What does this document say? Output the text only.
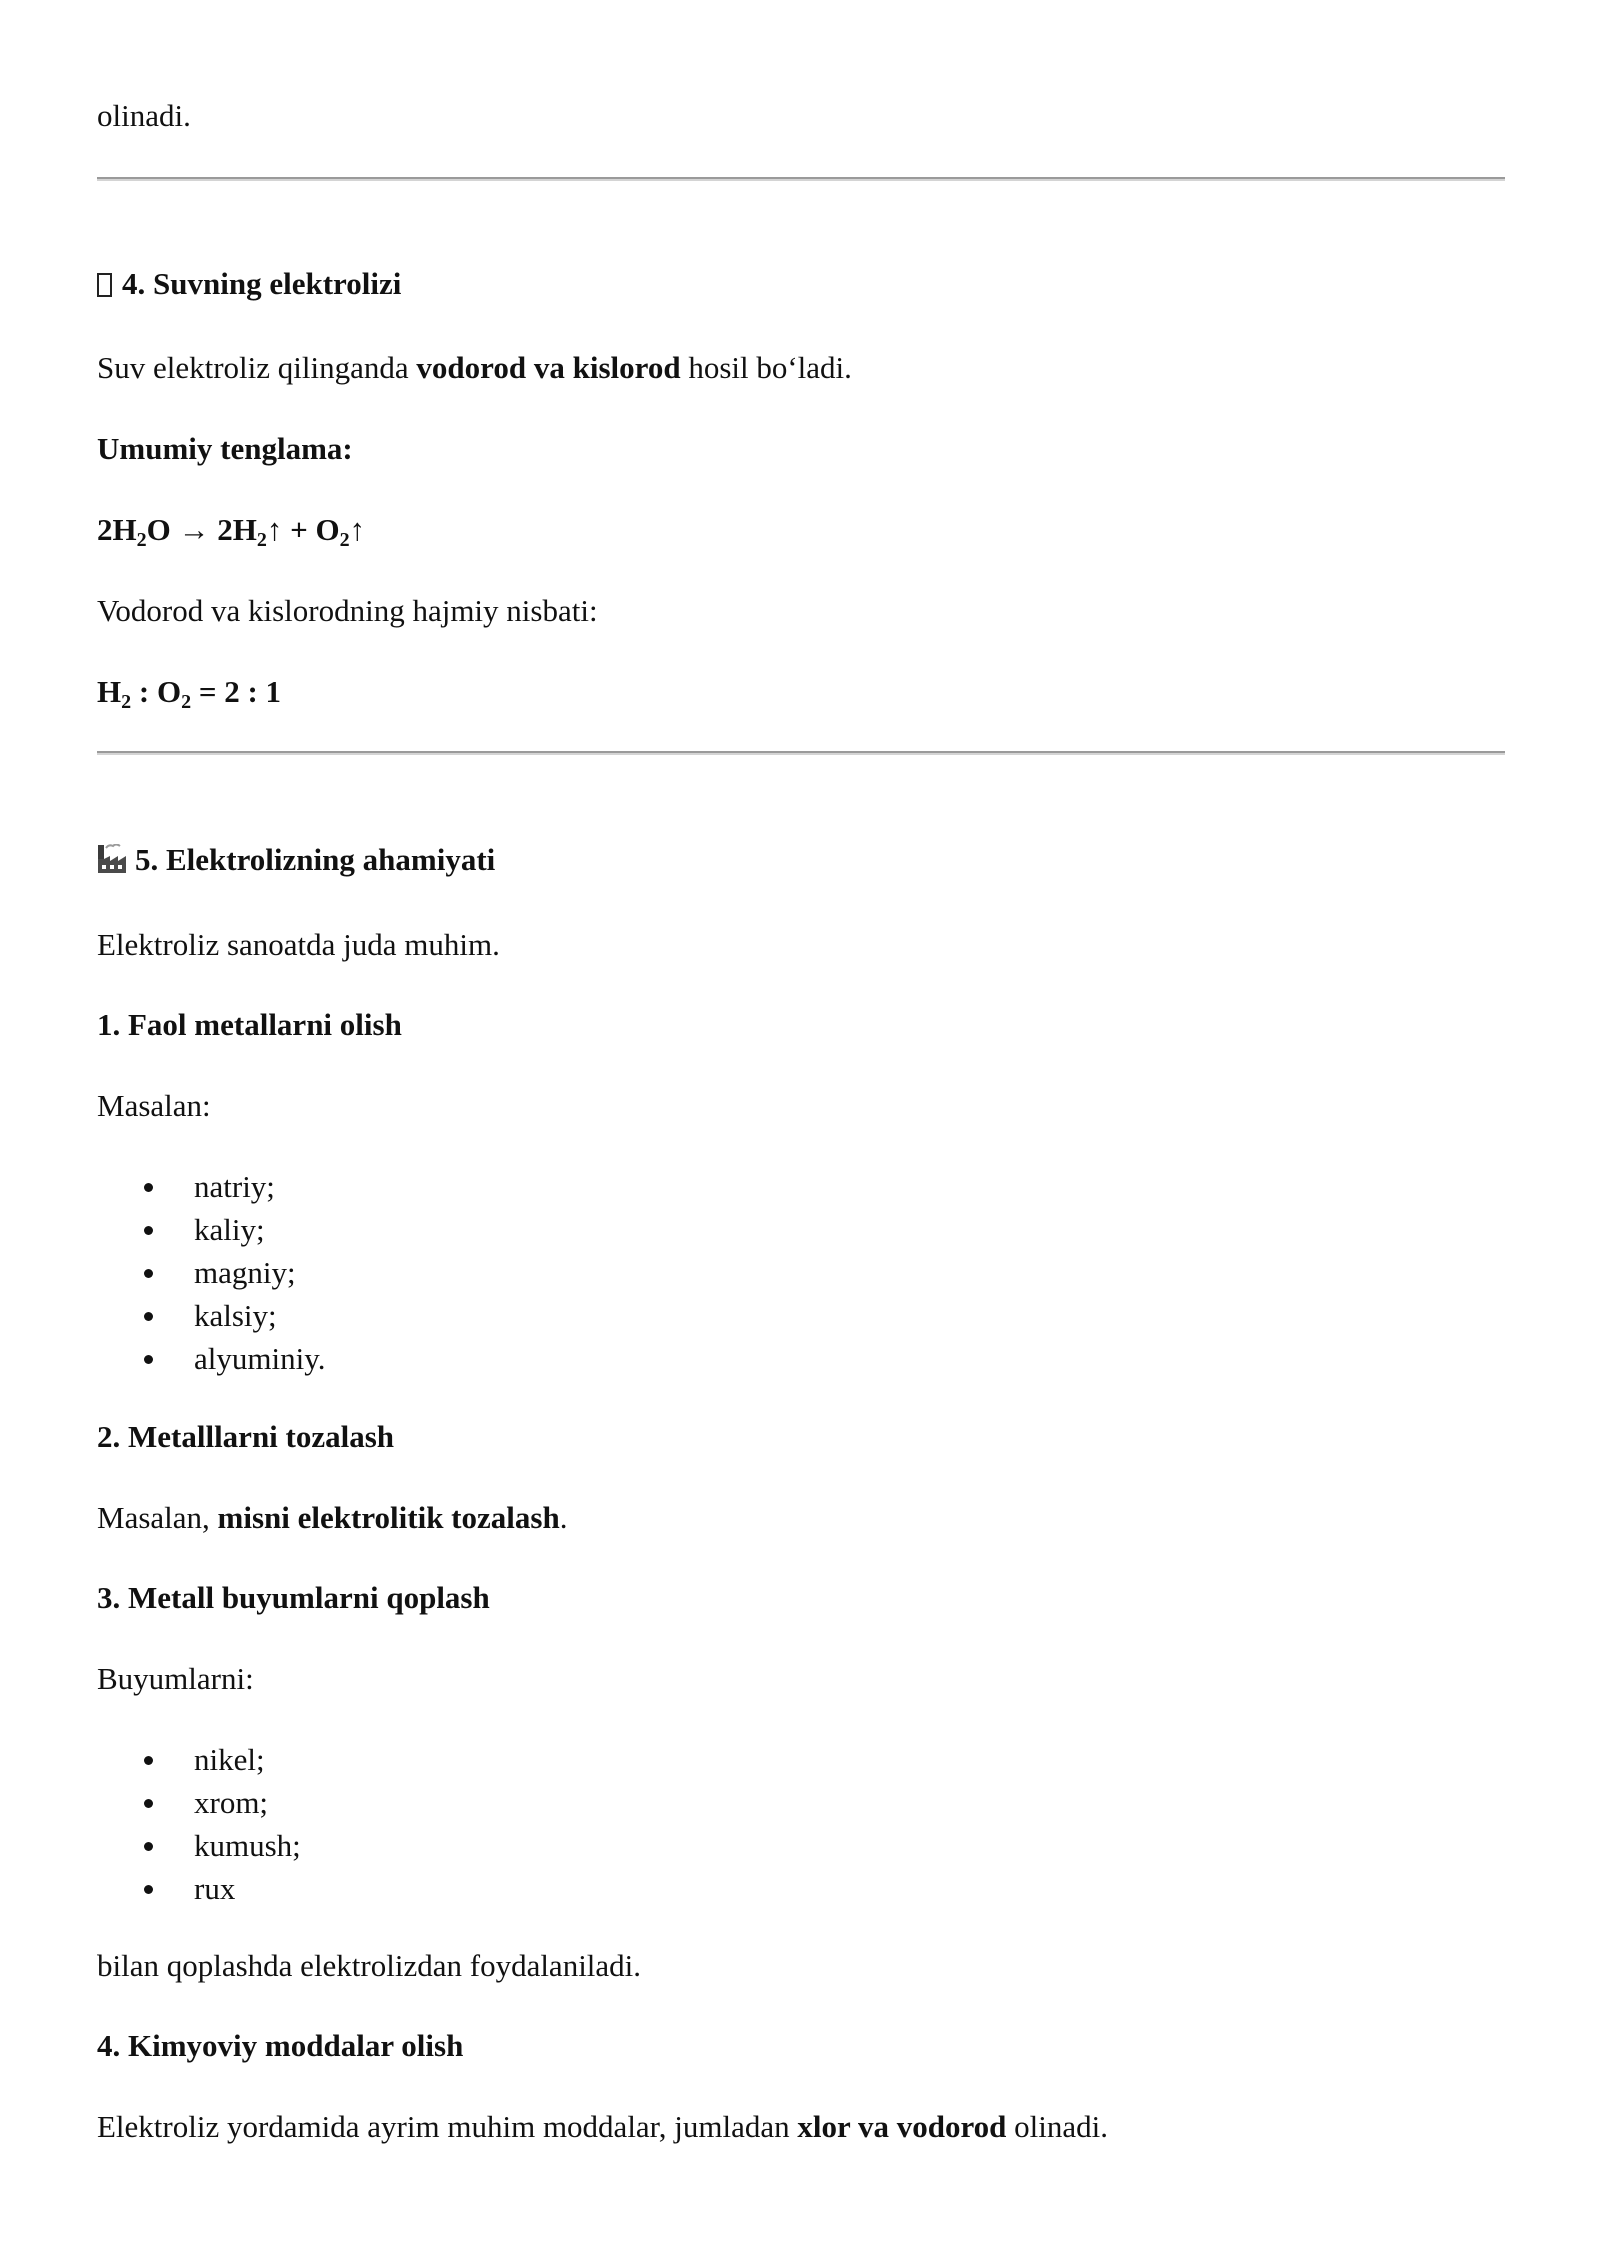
olinadi.
4. Suvning elektrolizi
Suv elektroliz qilinganda vodorod va kislorod hosil bo‘ladi.
Umumiy tenglama:
$2H_2O$ → $2H_2↑$ + $O_2↑$
Vodorod va kislorodning hajmiy nisbati:
$H_2$ : $O_2 = 2$ : 1
5. Elektrolizning ahamiyati
Elektroliz sanoatda juda muhim.
1. Faol metallarni olish
Masalan:
natriy;
kaliy;
magniy;
kalsiy;
alyuminiy.
2. Metalllarni tozalash
Masalan, misni elektrolitik tozalash.
3. Metall buyumlarni qoplash
Buyumlarni:
nikel;
xrom;
kumush;
rux
bilan qoplashda elektrolizdan foydalaniladi.
4. Kimyoviy moddalar olish
Elektroliz yordamida ayrim muhim moddalar, jumladan xlor va vodorod olinadi.
